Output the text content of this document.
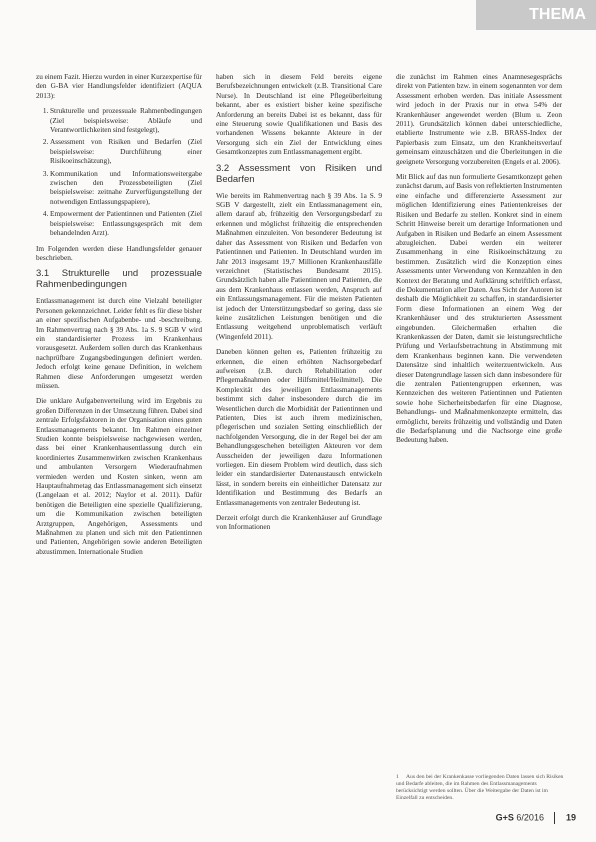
THEMA

zu einem Fazit. Hierzu wurden in einer Kurzexpertise für den G-BA vier Handlungsfelder identifiziert (AQUA 2013):

1. Strukturelle und prozessuale Rahmenbedingungen (Ziel beispielsweise: Abläufe und Verantwortlichkeiten sind festgelegt),
2. Assessment von Risiken und Bedarfen (Ziel beispielsweise: Durchführung einer Risikoeinschätzung),
3. Kommunikation und Informationsweitergabe zwischen den Prozessbeteiligten (Ziel beispielsweise: zeitnahe Zurverfügungstellung der notwendigen Entlassungspapiere),
4. Empowerment der Patientinnen und Patienten (Ziel beispielsweise: Entlassungsgespräch mit dem behandelnden Arzt).

Im Folgenden werden diese Handlungsfelder genauer beschrieben.

3.1 Strukturelle und prozessuale Rahmenbedingungen

Entlassmanagement ist durch eine Vielzahl beteiligter Personen gekennzeichnet. Leider fehlt es für diese bisher an einer spezifischen Aufgabenbe- und -beschreibung. Im Rahmenvertrag nach § 39 Abs. 1a S. 9 SGB V wird ein standardisierter Prozess im Krankenhaus vorausgesetzt. Außerdem sollen durch das Krankenhaus nachprüfbare Zugangsbedingungen definiert werden. Jedoch erfolgt keine genaue Definition, in welchem Rahmen diese Anforderungen umgesetzt werden müssen.

Die unklare Aufgabenverteilung wird im Ergebnis zu großen Differenzen in der Umsetzung führen. Dabei sind zentrale Erfolgsfaktoren in der Organisation eines guten Entlassmanagements bekannt. Im Rahmen einzelner Studien konnte beispielsweise nachgewiesen werden, dass bei einer Krankenhausentlassung durch ein koordiniertes Zusammenwirken zwischen Krankenhaus und ambulanten Versorgern Wiederaufnahmen vermieden werden und Kosten sinken, wenn am Hauptaufnahmetag das Entlassmanagement sich einsetzt (Langelaan et al. 2012; Naylor et al. 2011). Dafür benötigen die Beteiligten eine spezielle Qualifizierung, um die Kommunikation zwischen beteiligten Arztgruppen, Angehörigen, Assessments und Maßnahmen zu planen und sich mit den Patientinnen und Patienten, Angehörigen sowie anderen Beteiligten abzustimmen. Internationale Studien

haben sich in diesem Feld bereits eigene Berufsbezeichnungen entwickelt (z.B. Transitional Care Nurse). In Deutschland ist eine Pflegeüberleitung bekannt, aber es existiert bisher keine spezifische Anforderung an bereits Dabei ist es bekannt, dass für eine Steuerung sowie Qualifikationen und Basis des vorhandenen Wissens bekannte Akteure in der Versorgung sich ein Ziel der Entwicklung eines Gesamtkonzeptes zum Entlassmanagement ergibt.

3.2 Assessment von Risiken und Bedarfen

Wie bereits im Rahmenvertrag nach § 39 Abs. 1a S. 9 SGB V dargestellt, zielt ein Entlassmanagement ein, allem darauf ab, frühzeitig den Versorgungsbedarf zu erkennen und möglichst frühzeitig die entsprechenden Maßnahmen einzuleiten. Von besonderer Bedeutung ist daher das Assessment von Risiken und Bedarfen von Patientinnen und Patienten. In Deutschland wurden im Jahr 2013 insgesamt 19,7 Millionen Krankenhausfälle verzeichnet (Statistisches Bundesamt 2015). Grundsätzlich haben alle Patientinnen und Patienten, die aus dem Krankenhaus entlassen werden, Anspruch auf ein Entlassungsmanagement. Für die meisten Patienten ist jedoch der Unterstützungsbedarf so gering, dass sie keine zusätzlichen Leistungen benötigen und die Entlassung weitgehend unproblematisch verläuft (Wingenfeld 2011).

Daneben können gelten es, Patienten frühzeitig zu erkennen, die einen erhöhten Nachsorgebedarf aufweisen (z.B. durch Rehabilitation oder Pflegemaßnahmen oder Hilfsmittel/Heilmittel). Die Komplexität des jeweiligen Entlassmanagements bestimmt sich daher insbesondere durch die im Wesentlichen durch die Morbidität der Patientinnen und Patienten, Dies ist auch ihrem medizinischen, pflegerischen und sozialen Setting einschließlich der nachfolgenden Versorgung, die in der Regel bei der am Behandlungsgeschehen beteiligten Akteuren vor dem Ausscheiden der jeweiligen dazu Informationen vorliegen. Ein diesem Problem wird deutlich, dass sich leider ein standardisierter Datenaustausch entwickeln lässt, in sondern bereits ein einheitlicher Datensatz zur Identifikation und Bestimmung des Bedarfs an Entlassmanagements von zentraler Bedeutung ist.

Derzeit erfolgt durch die Krankenhäuser auf Grundlage von Informationen

die zunächst im Rahmen eines Anamnesegesprächs direkt von Patienten bzw. in einem sogenannten vor dem Assessment erhoben werden. Das initiale Assessment wird jedoch in der Praxis nur in etwa 54% der Krankenhäuser angewendet werden (Blum u. Zeon 2011). Grundsätzlich können dabei unterschiedliche, etablierte Instrumente wie z.B. BRASS-Index der Papierbasis zum Einsatz, um den Krankheitsverlauf gemeinsam einzuschätzen und die Überleitungen in die geeignete Versorgung vorzubereiten (Engels et al. 2006).

Mit Blick auf das nun formulierte Gesamtkonzept gehen zunächst darum, auf Basis von reflektierten Instrumenten eine einfache und differenzierte Assessment zur möglichen Identifizierung eines Patientenkreises der Risiken und Bedarfe zu stellen. Konkret sind in einem Schritt Hinweise bereit um derartige Informationen und Aufgaben in Risiken und Bedarfe an einem Assessment abzugleichen. Dabei werden ein weiterer Zusammenhang in eine Risikoeinschätzung zu bestimmen. Zusätzlich wird die Konzeption eines Assessments unter Verwendung von Kennzahlen in den Kontext der Beratung und Aufklärung schriftlich erfasst, die Dokumentation aller Daten. Aus Sicht der Autoren ist deshalb die Möglichkeit zu schaffen, in standardisierter Form diese Informationen an einem Weg der Krankenhäuser und des strukturierten Assessment eingebunden. Gleichermaßen erhalten die Krankenkassen der Daten, damit sie leistungsrechtliche Prüfung und Verlaufsbetrachtung in Abstimmung mit dem Krankenhaus beginnen kann. Die verwendeten Datensätze sind inhaltlich weiterzuentwickeln. Aus dieser Datengrundlage lassen sich dann insbesondere für die zentralen Patientengruppen erkennen, was Kennzeichen des weiteren Patientinnen und Patienten sowie hohe Sicherheitsbedarfen für eine Diagnose, Behandlungs- und Maßnahmenkonzepte ermitteln, das ermöglicht, bereits frühzeitig und vollständig und Daten die Bedarfsplanung und die Nachsorge eine große Bedeutung haben.

1	Aus den bei der Krankenkasse vorliegenden Daten lassen sich Risiken und Bedarfe ableiten, die im Rahmen des Entlassmanagements berücksichtigt werden sollten. Über die Weitergabe der Daten ist im Einzelfall zu entscheiden.
G+S 6/2016 19
